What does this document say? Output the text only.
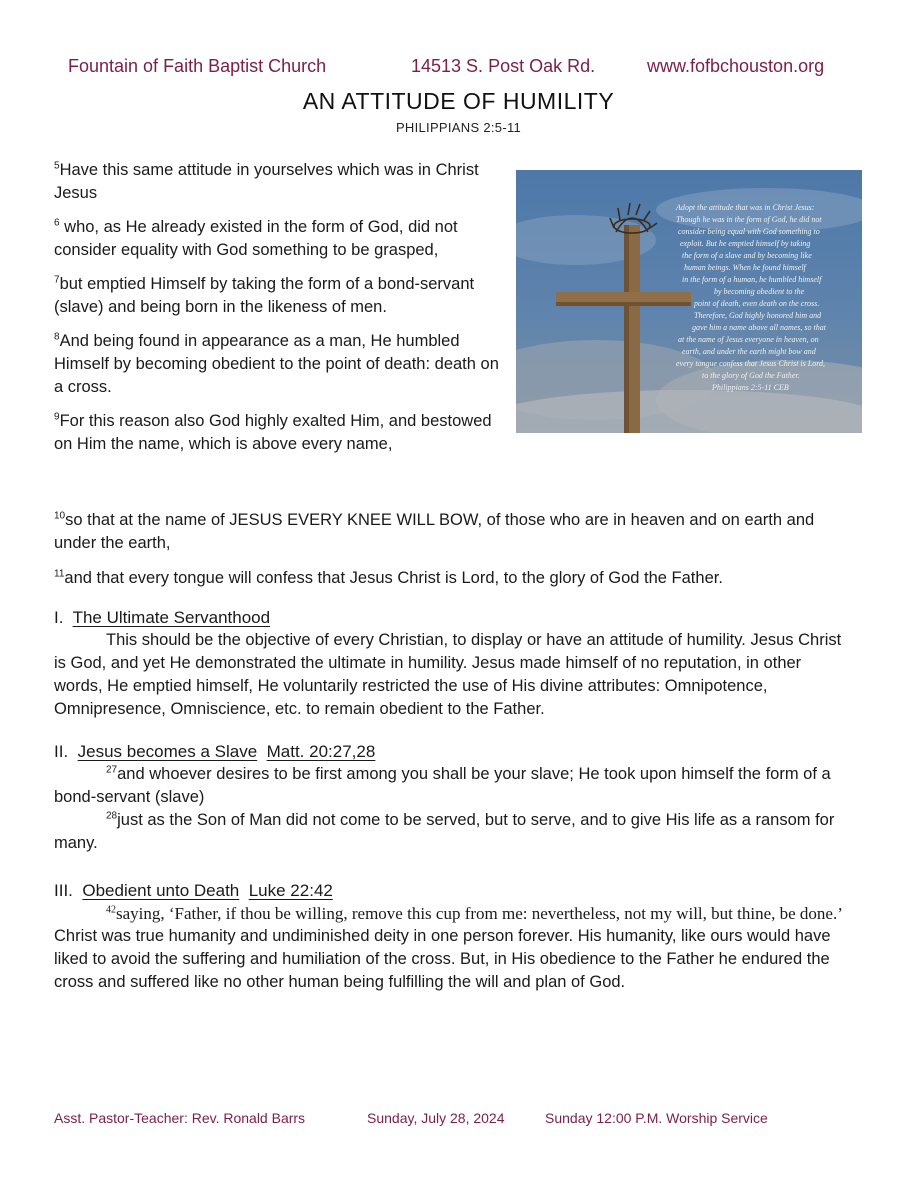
Fountain of Faith Baptist Church	14513 S. Post Oak Rd.	www.fofbchouston.org
AN ATTITUDE OF HUMILITY
PHILIPPIANS 2:5-11

$^5$Have this same attitude in yourselves which was in Christ Jesus

$^6$ who, as He already existed in the form of God, did not consider equality with God something to be grasped,

$^7$but emptied Himself by taking the form of a bond-servant (slave) and being born in the likeness of men.

$^8$And being found in appearance as a man, He humbled Himself by becoming obedient to the point of death: death on a cross.

$^9$For this reason also God highly exalted Him, and bestowed on Him the name, which is above every name,

Adopt the attitude that was in Christ Jesus:
Though he was in the form of God, he did not
consider being equal with God something to
exploit. But he emptied himself by taking
the form of a slave and by becoming like
human beings. When he found himself
in the form of a human, he humbled himself
by becoming obedient to the
point of death, even death on the cross.
Therefore, God highly honored him and
gave him a name above all names, so that
at the name of Jesus everyone in heaven, on
earth, and under the earth might bow and
every tongue confess that Jesus Christ is Lord,
to the glory of God the Father.
Philippians 2:5-11 CEB

$^{10}$so that at the name of JESUS EVERY KNEE WILL BOW, of those who are in heaven and on earth and under the earth,

$^{11}$and that every tongue will confess that Jesus Christ is Lord, to the glory of God the Father.

I. The Ultimate Servanthood

This should be the objective of every Christian, to display or have an attitude of humility. Jesus Christ is God, and yet He demonstrated the ultimate in humility. Jesus made himself of no reputation, in other words, He emptied himself, He voluntarily restricted the use of His divine attributes: Omnipotence, Omnipresence, Omniscience, etc. to remain obedient to the Father.

II. Jesus becomes a Slave Matt. 20:27,28

$^{27}$and whoever desires to be first among you shall be your slave; He took upon himself the form of a bond-servant (slave)

$^{28}$just as the Son of Man did not come to be served, but to serve, and to give His life as a ransom for many.

III. Obedient unto Death Luke 22:42

$^{42}$saying, ‘Father, if thou be willing, remove this cup from me: nevertheless, not my will, but thine, be done.’

Christ was true humanity and undiminished deity in one person forever. His humanity, like ours would have liked to avoid the suffering and humiliation of the cross. But, in His obedience to the Father he endured the cross and suffered like no other human being fulfilling the will and plan of God.

Asst. Pastor-Teacher: Rev. Ronald Barrs	Sunday, July 28, 2024	Sunday 12:00 P.M. Worship Service
